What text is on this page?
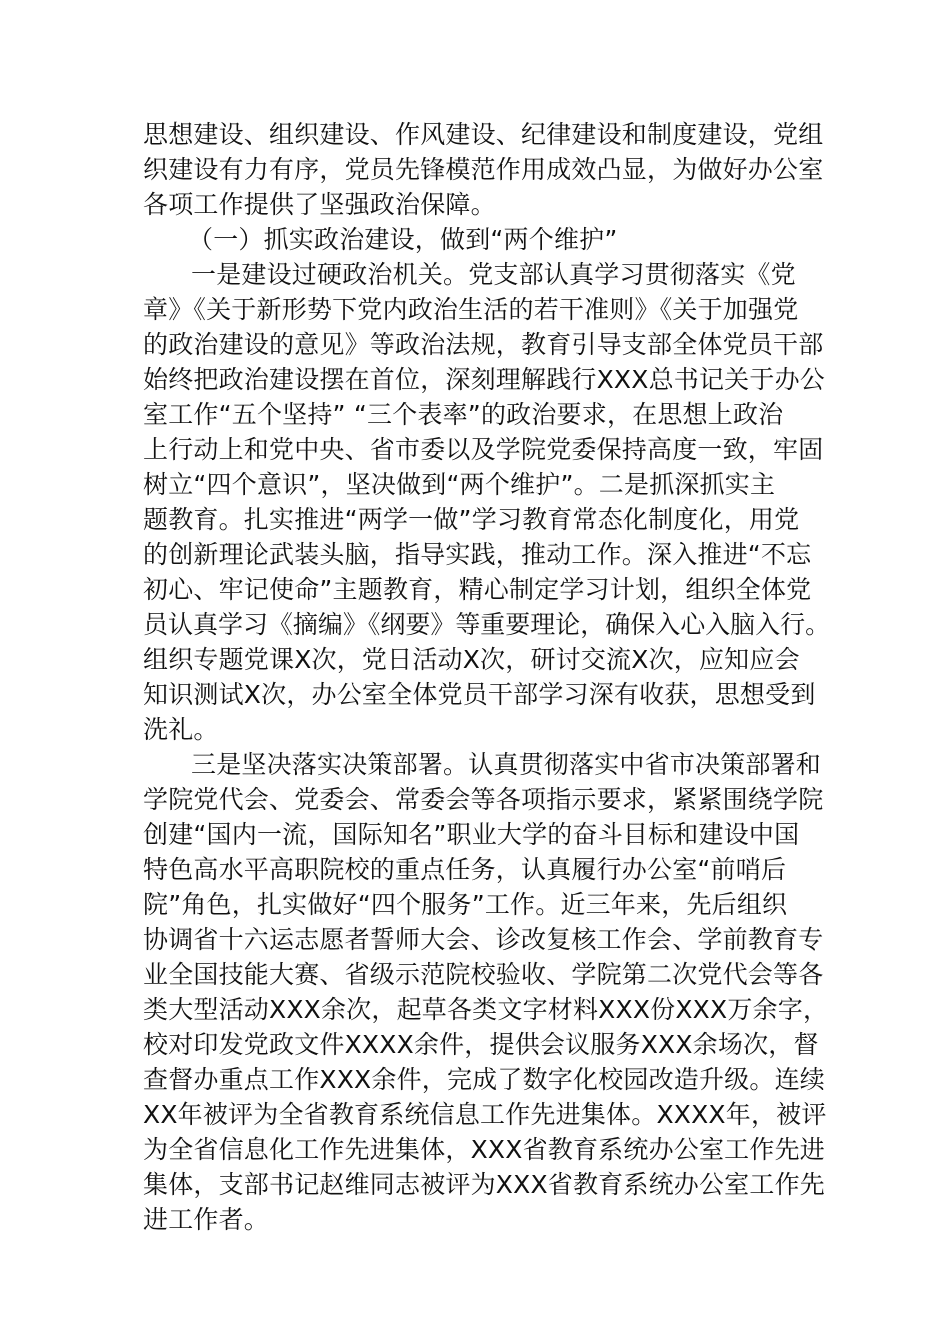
思想建设、组织建设、作风建设、纪律建设和制度建设，党组
织建设有力有序，党员先锋模范作用成效凸显，为做好办公室
各项工作提供了坚强政治保障。
（一）抓实政治建设，做到“两个维护”
一是建设过硬政治机关。党支部认真学习贯彻落实《党
章》《关于新形势下党内政治生活的若干准则》《关于加强党
的政治建设的意见》等政治法规，教育引导支部全体党员干部
始终把政治建设摆在首位，深刻理解践行XXX总书记关于办公
室工作“五个坚持” “三个表率”的政治要求，在思想上政治
上行动上和党中央、省市委以及学院党委保持高度一致，牢固
树立“四个意识”，坚决做到“两个维护”。二是抓深抓实主
题教育。扎实推进“两学一做”学习教育常态化制度化，用党
的创新理论武装头脑，指导实践，推动工作。深入推进“不忘
初心、牢记使命”主题教育，精心制定学习计划，组织全体党
员认真学习《摘编》《纲要》等重要理论，确保入心入脑入行。
组织专题党课X次，党日活动X次，研讨交流X次，应知应会
知识测试X次，办公室全体党员干部学习深有收获，思想受到
洗礼。
三是坚决落实决策部署。认真贯彻落实中省市决策部署和
学院党代会、党委会、常委会等各项指示要求，紧紧围绕学院
创建“国内一流，国际知名”职业大学的奋斗目标和建设中国
特色高水平高职院校的重点任务，认真履行办公室“前哨后
院”角色，扎实做好“四个服务”工作。近三年来，先后组织
协调省十六运志愿者誓师大会、诊改复核工作会、学前教育专
业全国技能大赛、省级示范院校验收、学院第二次党代会等各
类大型活动XXX余次，起草各类文字材料XXX份XXX万余字，
校对印发党政文件XXXX余件，提供会议服务XXX余场次，督
查督办重点工作XXX余件，完成了数字化校园改造升级。连续
XX年被评为全省教育系统信息工作先进集体。XXXX年，被评
为全省信息化工作先进集体，XXX省教育系统办公室工作先进
集体，支部书记赵维同志被评为XXX省教育系统办公室工作先
进工作者。
